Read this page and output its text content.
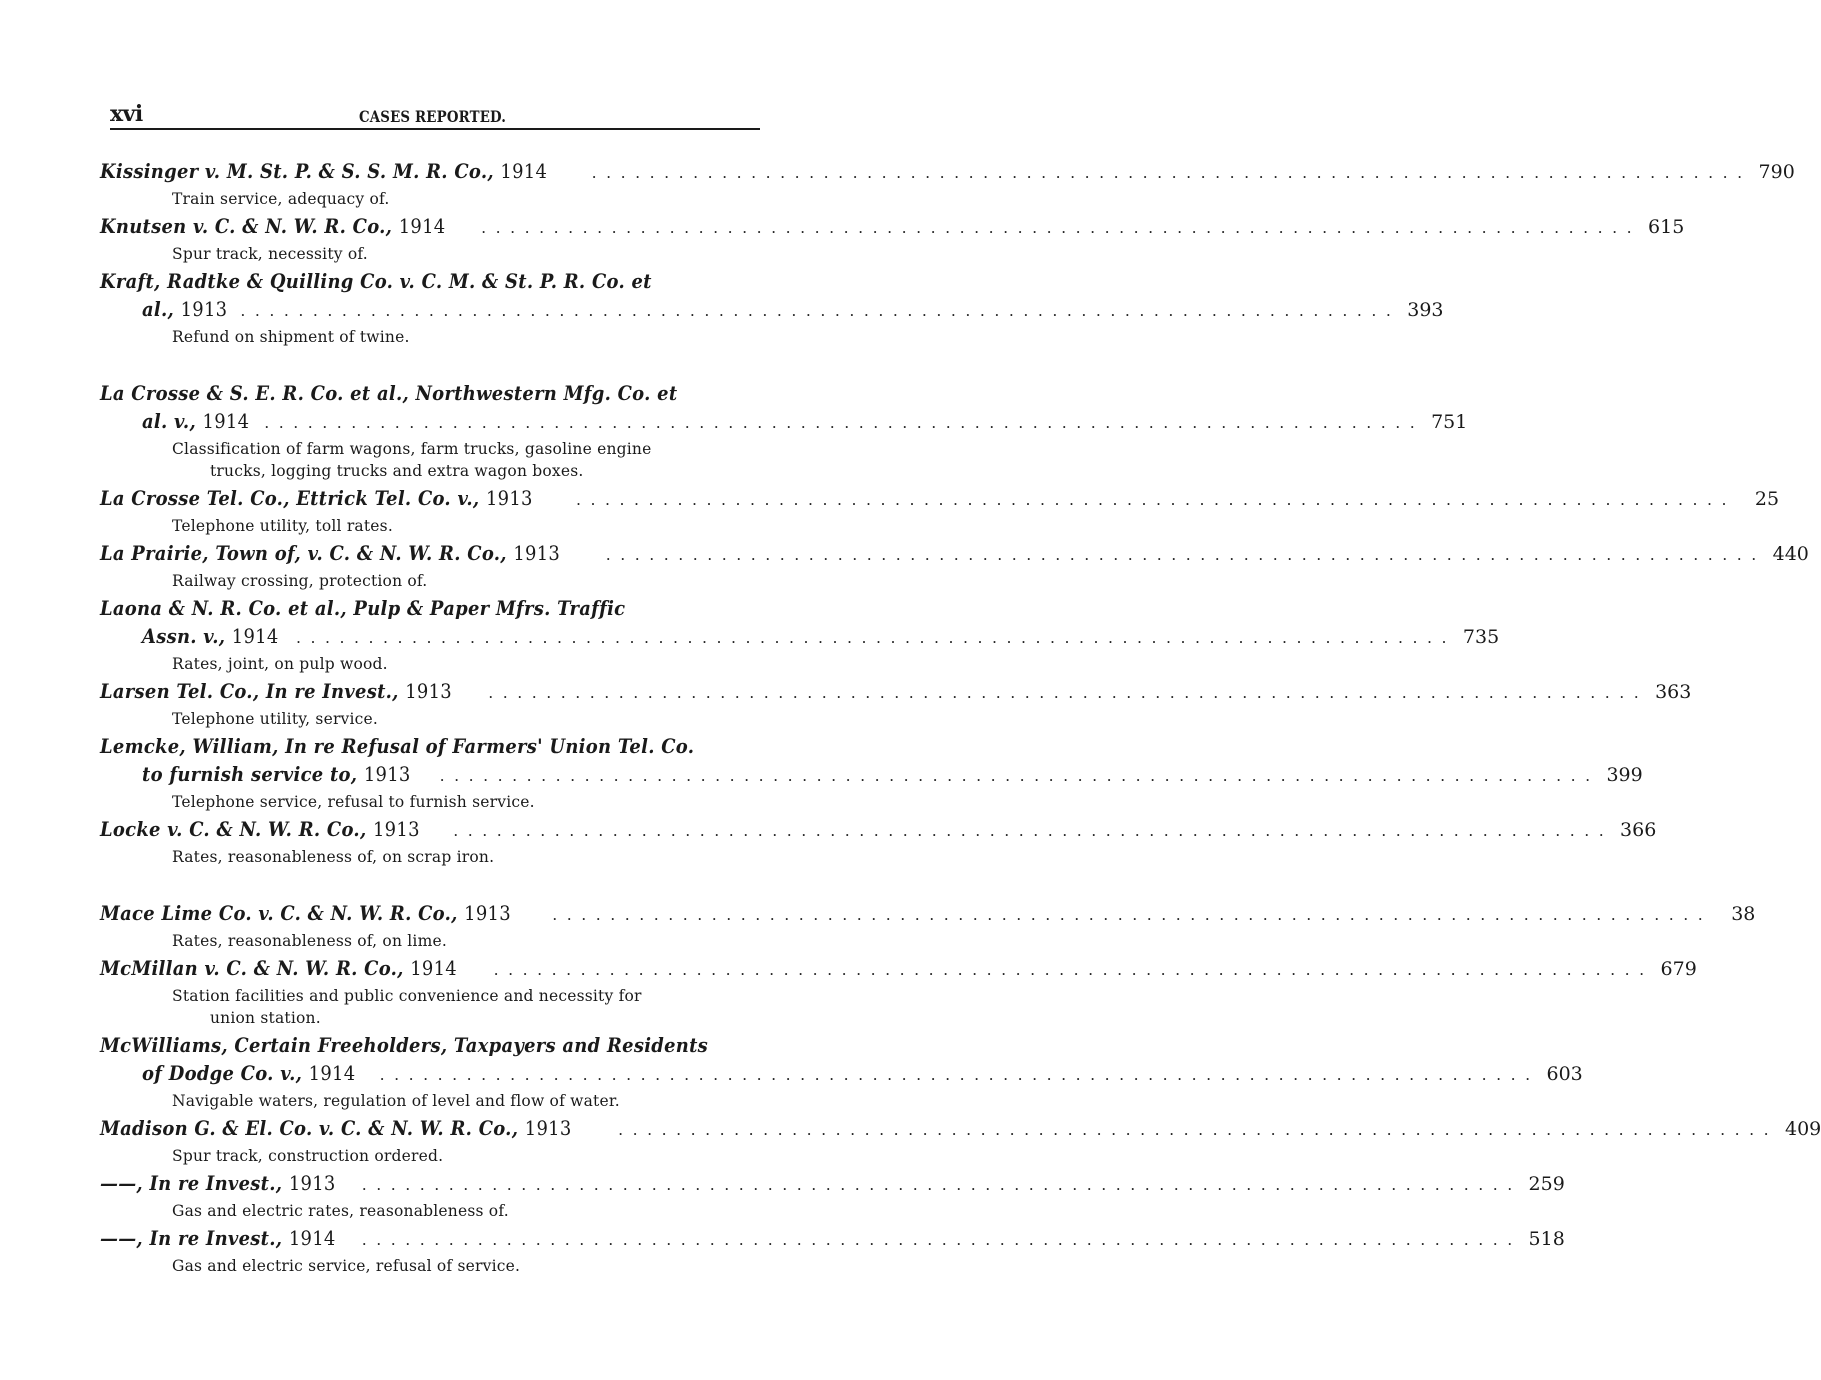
xvi	CASES REPORTED.
Kissinger v. M. St. P. & S. S. M. R. Co., 1914	. . . . . . . . . . . . . . . . . . . . . . . . . . . . . . . . . . . . . . . . . . . . . . . . . . . . . . . . . . . . . . . . . . . . . . . . . . . . . . . . 790
Train service, adequacy of.
Knutsen v. C. & N. W. R. Co., 1914 . . . . . . . . . . . . . . . . . . . . . . . . . . . . . . . . . . . . . . . . . . . . . . . . . . . . . . . . . . . . . . . . . . . . . . . . . . . . . . . . 615
Spur track, necessity of.
Kraft, Radtke & Quilling Co. v. C. M. & St. P. R. Co. et
al., 1913 . . . . . . . . . . . . . . . . . . . . . . . . . . . . . . . . . . . . . . . . . . . . . . . . . . . . . . . . . . . . . . . . . . . . . . . . . . . . . . . . 393
Refund on shipment of twine.
La Crosse & S. E. R. Co. et al., Northwestern Mfg. Co. et
al. v., 1914 . . . . . . . . . . . . . . . . . . . . . . . . . . . . . . . . . . . . . . . . . . . . . . . . . . . . . . . . . . . . . . . . . . . . . . . . . . . . . . . . 751
Classification of farm wagons, farm trucks, gasoline engine
trucks, logging trucks and extra wagon boxes.
La Crosse Tel. Co., Ettrick Tel. Co. v., 1913	. . . . . . . . . . . . . . . . . . . . . . . . . . . . . . . . . . . . . . . . . . . . . . . . . . . . . . . . . . . . . . . . . . . . . . . . . . . . . . . .	25
Telephone utility, toll rates.
La Prairie, Town of, v. C. & N. W. R. Co., 1913	. . . . . . . . . . . . . . . . . . . . . . . . . . . . . . . . . . . . . . . . . . . . . . . . . . . . . . . . . . . . . . . . . . . . . . . . . . . . . . . . 440
Railway crossing, protection of.
Laona & N. R. Co. et al., Pulp & Paper Mfrs. Traffic
Assn. v., 1914 . . . . . . . . . . . . . . . . . . . . . . . . . . . . . . . . . . . . . . . . . . . . . . . . . . . . . . . . . . . . . . . . . . . . . . . . . . . . . . . . 735
Rates, joint, on pulp wood.
Larsen Tel. Co., In re Invest., 1913 . . . . . . . . . . . . . . . . . . . . . . . . . . . . . . . . . . . . . . . . . . . . . . . . . . . . . . . . . . . . . . . . . . . . . . . . . . . . . . . . 363
Telephone utility, service.
Lemcke, William, In re Refusal of Farmers' Union Tel. Co.
to furnish service to, 1913 . . . . . . . . . . . . . . . . . . . . . . . . . . . . . . . . . . . . . . . . . . . . . . . . . . . . . . . . . . . . . . . . . . . . . . . . . . . . . . . . 399
Telephone service, refusal to furnish service.
Locke v. C. & N. W. R. Co., 1913 . . . . . . . . . . . . . . . . . . . . . . . . . . . . . . . . . . . . . . . . . . . . . . . . . . . . . . . . . . . . . . . . . . . . . . . . . . . . . . . . 366
Rates, reasonableness of, on scrap iron.
Mace Lime Co. v. C. & N. W. R. Co., 1913 . . . . . . . . . . . . . . . . . . . . . . . . . . . . . . . . . . . . . . . . . . . . . . . . . . . . . . . . . . . . . . . . . . . . . . . . . . . . . . . .	38
Rates, reasonableness of, on lime.
McMillan v. C. & N. W. R. Co., 1914 . . . . . . . . . . . . . . . . . . . . . . . . . . . . . . . . . . . . . . . . . . . . . . . . . . . . . . . . . . . . . . . . . . . . . . . . . . . . . . . . 679
Station facilities and public convenience and necessity for
union station.
McWilliams, Certain Freeholders, Taxpayers and Residents
of Dodge Co. v., 1914 . . . . . . . . . . . . . . . . . . . . . . . . . . . . . . . . . . . . . . . . . . . . . . . . . . . . . . . . . . . . . . . . . . . . . . . . . . . . . . . . 603
Navigable waters, regulation of level and flow of water.
Madison G. & El. Co. v. C. & N. W. R. Co., 1913	. . . . . . . . . . . . . . . . . . . . . . . . . . . . . . . . . . . . . . . . . . . . . . . . . . . . . . . . . . . . . . . . . . . . . . . . . . . . . . . . 409
Spur track, construction ordered.
——, In re Invest., 1913 . . . . . . . . . . . . . . . . . . . . . . . . . . . . . . . . . . . . . . . . . . . . . . . . . . . . . . . . . . . . . . . . . . . . . . . . . . . . . . . . 259
Gas and electric rates, reasonableness of.
——, In re Invest., 1914 . . . . . . . . . . . . . . . . . . . . . . . . . . . . . . . . . . . . . . . . . . . . . . . . . . . . . . . . . . . . . . . . . . . . . . . . . . . . . . . . 518
Gas and electric service, refusal of service.
